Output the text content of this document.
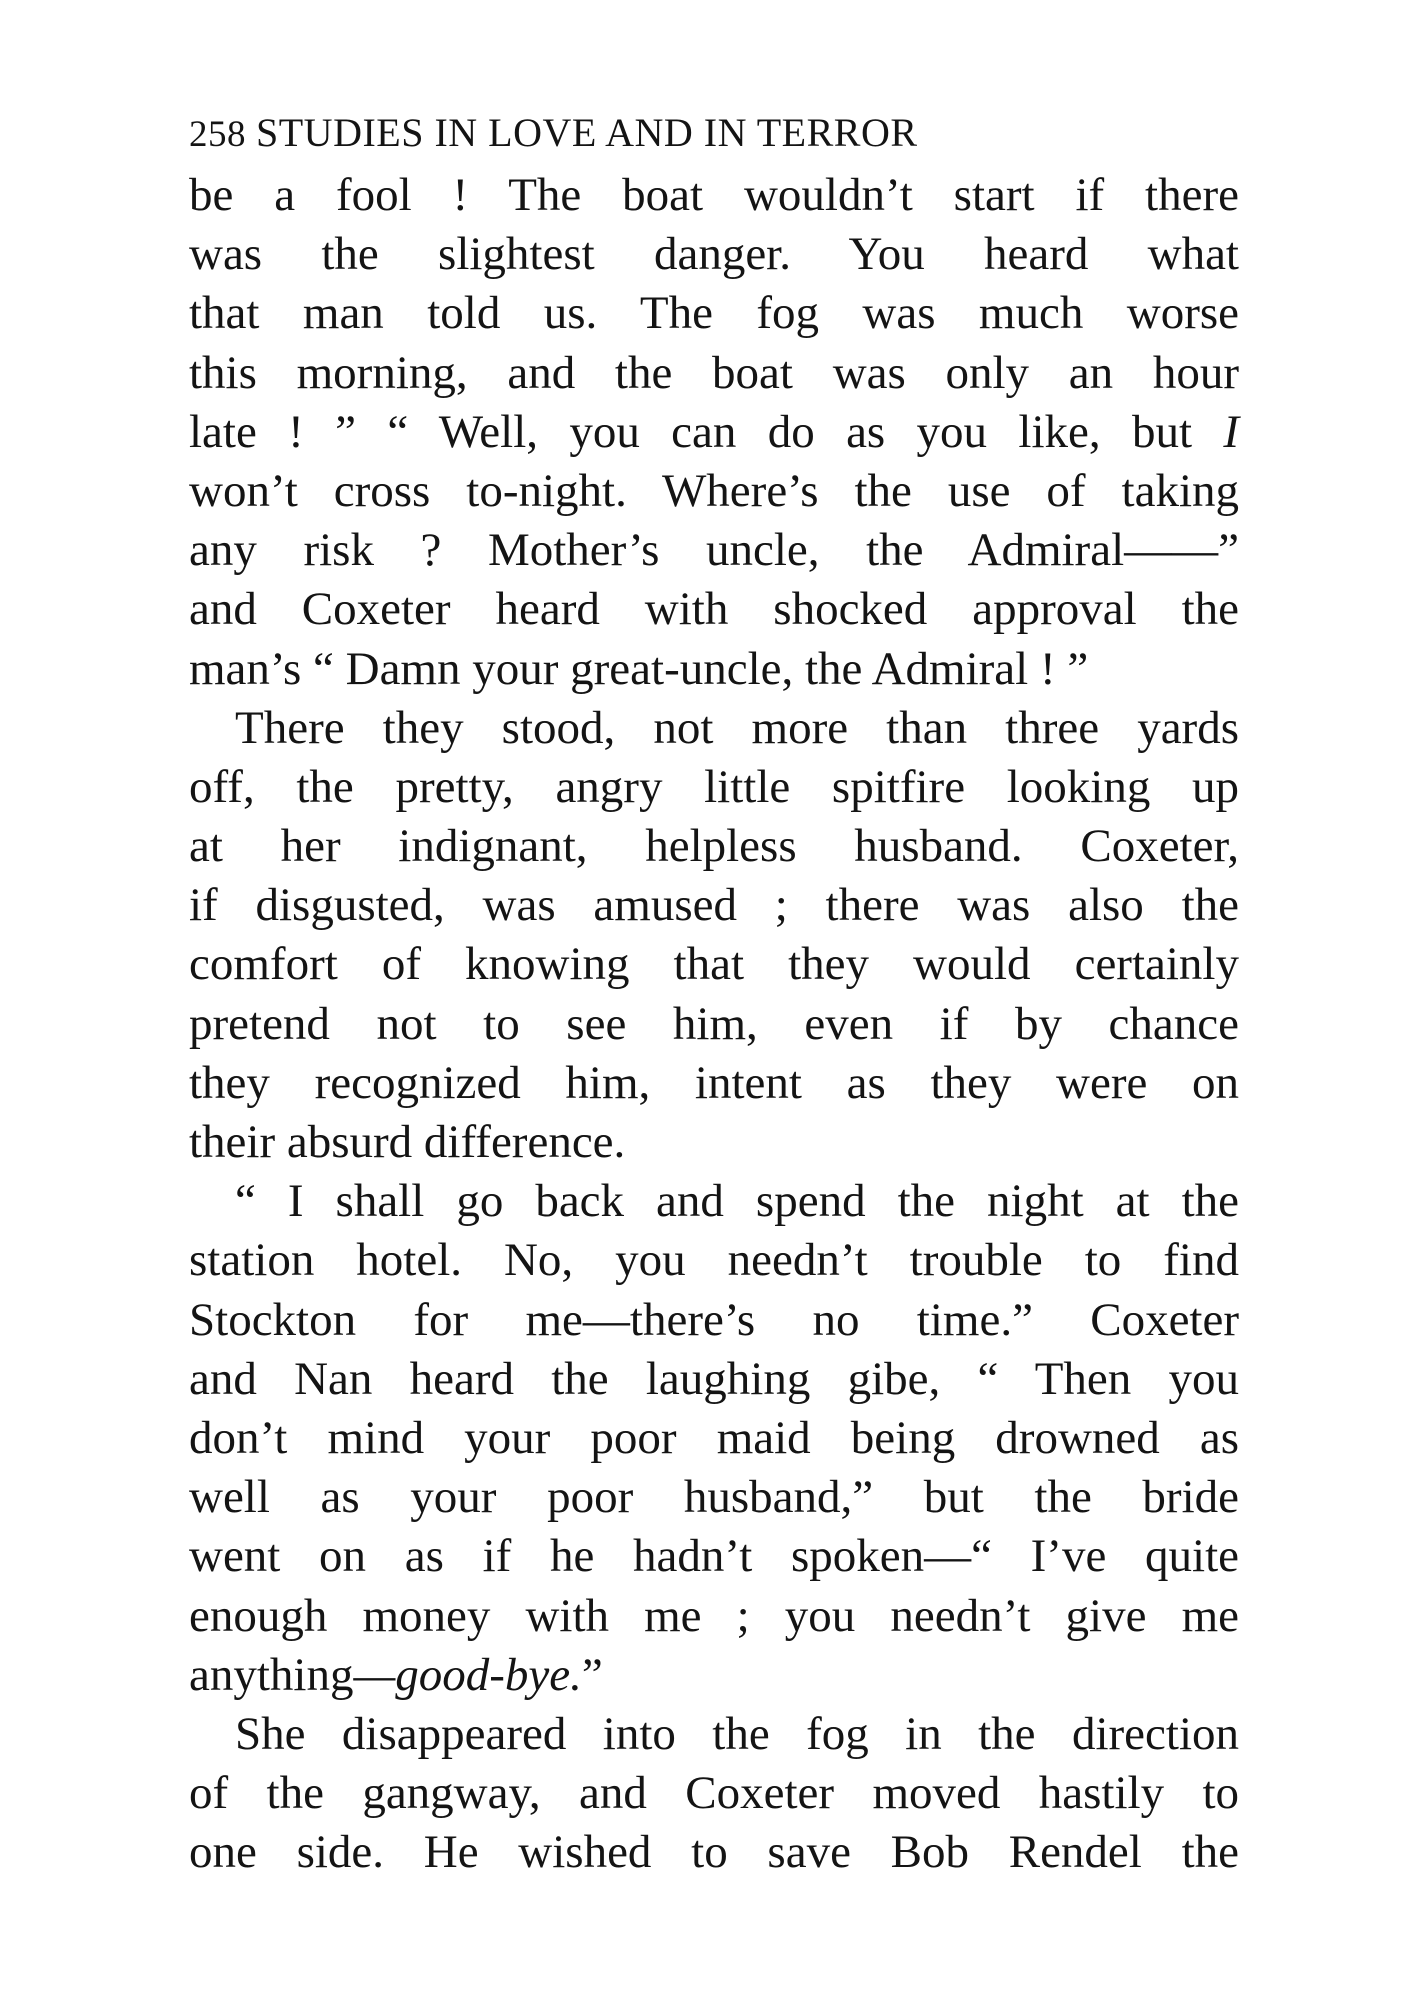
258 STUDIES IN LOVE AND IN TERROR
be a fool ! The boat wouldn’t start if there
was the slightest danger. You heard what
that man told us. The fog was much worse
this morning, and the boat was only an hour
late ! ” “ Well, you can do as you like, but I
won’t cross to-night. Where’s the use of taking
any risk ? Mother’s uncle, the Admiral——”
and Coxeter heard with shocked approval the
man’s “ Damn your great-uncle, the Admiral ! ”
There they stood, not more than three yards
off, the pretty, angry little spitfire looking up
at her indignant, helpless husband. Coxeter,
if disgusted, was amused ; there was also the
comfort of knowing that they would certainly
pretend not to see him, even if by chance
they recognized him, intent as they were on
their absurd difference.
“ I shall go back and spend the night at the
station hotel. No, you needn’t trouble to find
Stockton for me—there’s no time.” Coxeter
and Nan heard the laughing gibe, “ Then you
don’t mind your poor maid being drowned as
well as your poor husband,” but the bride
went on as if he hadn’t spoken—“ I’ve quite
enough money with me ; you needn’t give me
anything—good-bye.”
She disappeared into the fog in the direction
of the gangway, and Coxeter moved hastily to
one side. He wished to save Bob Rendel the
